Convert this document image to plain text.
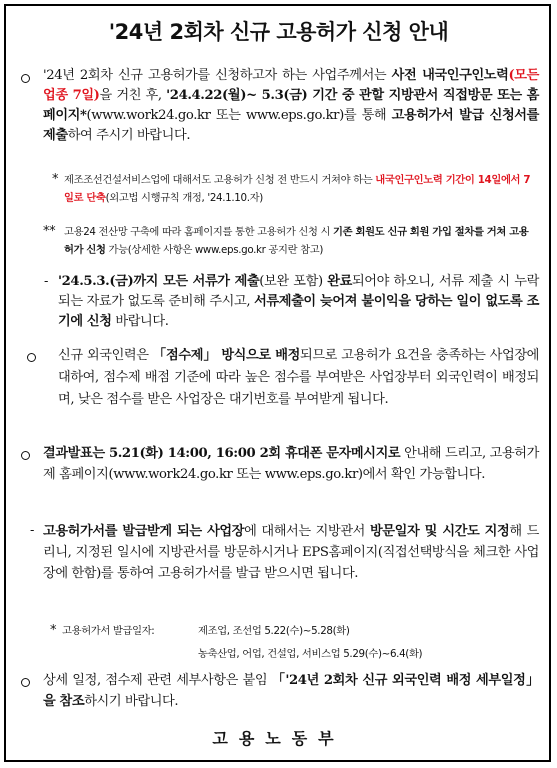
'24년 2회차 신규 고용허가 신청 안내
'24년 2회차 신규 고용허가를 신청하고자 하는 사업주께서는 사전 내국인구인노력(모든 업종 7일)을 거친 후, '24.4.22(월)~ 5.3(금) 기간 중 관할 지방관서 직접방문 또는 홈페이지*(www.work24.go.kr 또는 www.eps.go.kr)를 통해 고용허가서 발급 신청서를 제출하여 주시기 바랍니다.
* 제조조선건설서비스업에 대해서도 고용허가 신청 전 반드시 거쳐야 하는 내국인구인노력 기간이 14일에서 7일로 단축(외고법 시행규칙 개정, '24.1.10.자)
** 고용24 전산망 구축에 따라 홈페이지를 통한 고용허가 신청 시 기존 회원도 신규 회원 가입 절차를 거쳐 고용허가 신청 가능(상세한 사항은 www.eps.go.kr 공지란 참고)
- '24.5.3.(금)까지 모든 서류가 제출(보완 포함) 완료되어야 하오니, 서류 제출 시 누락되는 자료가 없도록 준비해 주시고, 서류제출이 늦어져 불이익을 당하는 일이 없도록 조기에 신청 바랍니다.
신규 외국인력은 「점수제」 방식으로 배정되므로 고용허가 요건을 충족하는 사업장에 대하여, 점수제 배점 기준에 따라 높은 점수를 부여받은 사업장부터 외국인력이 배정되며, 낮은 점수를 받은 사업장은 대기번호를 부여받게 됩니다.
결과발표는 5.21(화) 14:00, 16:00 2회 휴대폰 문자메시지로 안내해 드리고, 고용허가제 홈페이지(www.work24.go.kr 또는 www.eps.go.kr)에서 확인 가능합니다.
- 고용허가서를 발급받게 되는 사업장에 대해서는 지방관서 방문일자 및 시간도 지정해 드리니, 지정된 일시에 지방관서를 방문하시거나 EPS홈페이지(직접선택방식을 체크한 사업장에 한함)를 통하여 고용허가서를 발급 받으시면 됩니다.
* 고용허가서 발급일자:	제조업, 조선업 5.22(수)~5.28(화)
농축산업, 어업, 건설업, 서비스업 5.29(수)~6.4(화)
상세 일정, 점수제 관련 세부사항은 붙임 「'24년 2회차 신규 외국인력 배정 세부일정」을 참조하시기 바랍니다.
고용노동부
